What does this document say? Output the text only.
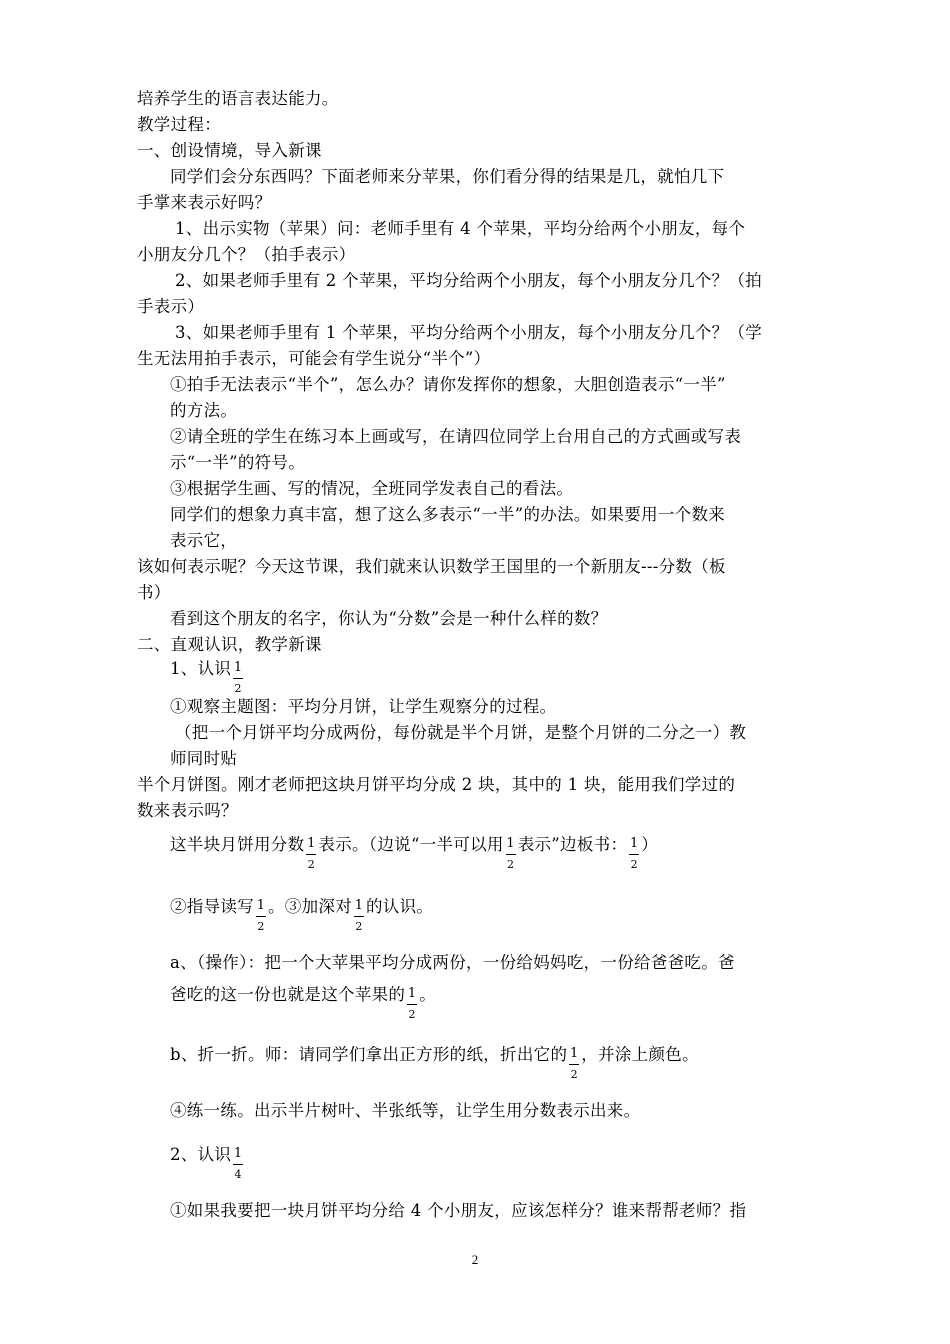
培养学生的语言表达能力。
教学过程：
一、创设情境，导入新课
同学们会分东西吗？下面老师来分苹果，你们看分得的结果是几，就怕几下
手掌来表示好吗？
1、出示实物（苹果）问：老师手里有 4 个苹果，平均分给两个小朋友，每个
小朋友分几个？（拍手表示）
2、如果老师手里有 2 个苹果，平均分给两个小朋友，每个小朋友分几个？（拍
手表示）
3、如果老师手里有 1 个苹果，平均分给两个小朋友，每个小朋友分几个？（学
生无法用拍手表示，可能会有学生说分“半个”）
①拍手无法表示“半个”，怎么办？请你发挥你的想象，大胆创造表示“一半”
的方法。
②请全班的学生在练习本上画或写，在请四位同学上台用自己的方式画或写表
示“一半”的符号。
③根据学生画、写的情况，全班同学发表自己的看法。
同学们的想象力真丰富，想了这么多表示“一半”的办法。如果要用一个数来
表示它，
该如何表示呢？今天这节课，我们就来认识数学王国里的一个新朋友---分数（板
书）
看到这个朋友的名字，你认为“分数”会是一种什么样的数？
二、直观认识，教学新课
1、认识 1
2
①观察主题图：平均分月饼，让学生观察分的过程。
（把一个月饼平均分成两份，每份就是半个月饼，是整个月饼的二分之一）教
师同时贴
半个月饼图。刚才老师把这块月饼平均分成 2 块，其中的 1 块，能用我们学过的
数来表示吗？
这半块月饼用分数 1
2
表示。（边说“一半可以用 1
2
表示”边板书： 1
2
）
②指导读写 1
2
。③加深对 1
2
的认识。
a、（操作）：把一个大苹果平均分成两份，一份给妈妈吃，一份给爸爸吃。爸
爸吃的这一份也就是这个苹果的 1
2
。
b、折一折。师：请同学们拿出正方形的纸，折出它的 1
2
，并涂上颜色。
④练一练。出示半片树叶、半张纸等，让学生用分数表示出来。
2、认识 1
4
①如果我要把一块月饼平均分给 4 个小朋友，应该怎样分？谁来帮帮老师？指
2
